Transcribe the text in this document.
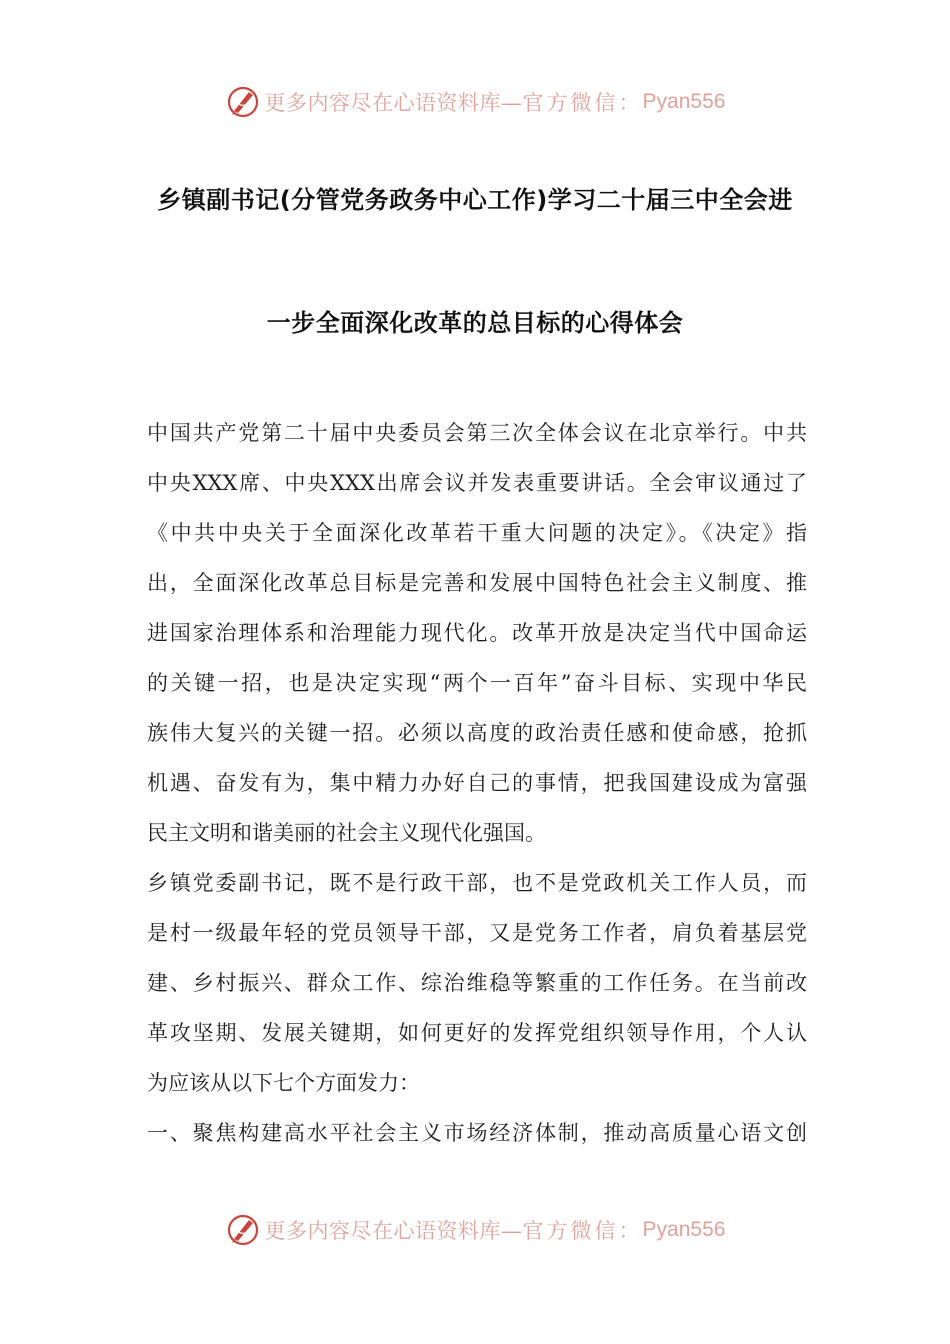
更多内容尽在心语资料库— 官方微信： Pyan556
乡镇副书记(分管党务政务中心工作)学习二十届三中全会进
一步全面深化改革的总目标的心得体会
中国共产党第二十届中央委员会第三次全体会议在北京举行。中共
中央XXX席、中央XXX出席会议并发表重要讲话。全会审议通过了
《中共中央关于全面深化改革若干重大问题的决定》。《决定》指
出，全面深化改革总目标是完善和发展中国特色社会主义制度、推
进国家治理体系和治理能力现代化。改革开放是决定当代中国命运
的关键一招，也是决定实现“两个一百年”奋斗目标、实现中华民
族伟大复兴的关键一招。必须以高度的政治责任感和使命感，抢抓
机遇、奋发有为，集中精力办好自己的事情，把我国建设成为富强
民主文明和谐美丽的社会主义现代化强国。
乡镇党委副书记，既不是行政干部，也不是党政机关工作人员，而
是村一级最年轻的党员领导干部，又是党务工作者，肩负着基层党
建、乡村振兴、群众工作、综治维稳等繁重的工作任务。在当前改
革攻坚期、发展关键期，如何更好的发挥党组织领导作用，个人认
为应该从以下七个方面发力：
一、聚焦构建高水平社会主义市场经济体制，推动高质量心语文创
更多内容尽在心语资料库— 官方微信： Pyan556
